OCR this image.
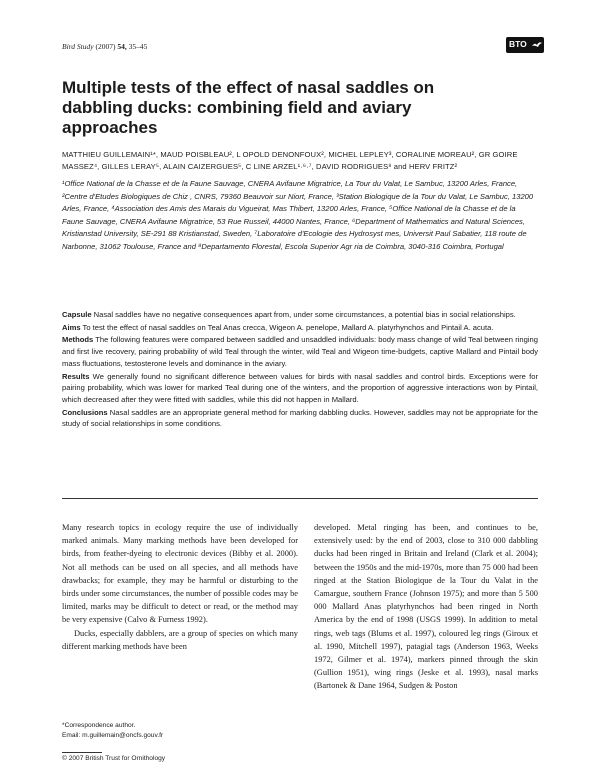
Bird Study (2007) 54, 35–45	BTO
Multiple tests of the effect of nasal saddles on dabbling ducks: combining field and aviary approaches
MATTHIEU GUILLEMAIN¹*, MAUD POISBLEAU², L OPOLD DENONFOUX², MICHEL LEPLEY³, CORALINE MOREAU², GR GOIRE MASSEZ⁴, GILLES LERAY⁵, ALAIN CAIZERGUES⁵, C LINE ARZEL¹·⁶·⁷, DAVID RODRIGUES⁸ and HERV FRITZ²
¹Office National de la Chasse et de la Faune Sauvage, CNERA Avifaune Migratrice, La Tour du Valat, Le Sambuc, 13200 Arles, France, ²Centre d'Etudes Biologiques de Chiz , CNRS, 79360 Beauvoir sur Niort, France, ³Station Biologique de la Tour du Valat, Le Sambuc, 13200 Arles, France, ⁴Association des Amis des Marais du Vigueirat, Mas Thibert, 13200 Arles, France, ⁵Office National de la Chasse et de la Faune Sauvage, CNERA Avifaune Migratrice, 53 Rue Russeil, 44000 Nantes, France, ⁶Department of Mathematics and Natural Sciences, Kristianstad University, SE-291 88 Kristianstad, Sweden, ⁷Laboratoire d'Ecologie des Hydrosyst mes, Universit Paul Sabatier, 118 route de Narbonne, 31062 Toulouse, France and ⁸Departamento Florestal, Escola Superior Agr ria de Coimbra, 3040-316 Coimbra, Portugal

Capsule Nasal saddles have no negative consequences apart from, under some circumstances, a potential bias in social relationships.

Aims To test the effect of nasal saddles on Teal Anas crecca, Wigeon A. penelope, Mallard A. platyrhynchos and Pintail A. acuta.

Methods The following features were compared between saddled and unsaddled individuals: body mass change of wild Teal between ringing and first live recovery, pairing probability of wild Teal through the winter, wild Teal and Wigeon time-budgets, captive Mallard and Pintail body mass fluctuations, testosterone levels and dominance in the aviary.

Results We generally found no significant difference between values for birds with nasal saddles and control birds. Exceptions were for pairing probability, which was lower for marked Teal during one of the winters, and the proportion of aggressive interactions won by Pintail, which decreased after they were fitted with saddles, while this did not happen in Mallard.

Conclusions Nasal saddles are an appropriate general method for marking dabbling ducks. However, saddles may not be appropriate for the study of social relationships in some conditions.

Many research topics in ecology require the use of individually marked animals. Many marking methods have been developed for birds, from feather-dyeing to electronic devices (Bibby et al. 2000). Not all methods can be used on all species, and all methods have drawbacks; for example, they may be harmful or disturbing to the birds under some circumstances, the number of possible codes may be limited, marks may be difficult to detect or read, or the method may be very expensive (Calvo & Furness 1992).

Ducks, especially dabblers, are a group of species on which many different marking methods have been

developed. Metal ringing has been, and continues to be, extensively used: by the end of 2003, close to 310 000 dabbling ducks had been ringed in Britain and Ireland (Clark et al. 2004); between the 1950s and the mid-1970s, more than 75 000 had been ringed at the Station Biologique de la Tour du Valat in the Camargue, southern France (Johnson 1975); and more than 5 500 000 Mallard Anas platyrhynchos had been ringed in North America by the end of 1998 (USGS 1999). In addition to metal rings, web tags (Blums et al. 1997), coloured leg rings (Giroux et al. 1990, Mitchell 1997), patagial tags (Anderson 1963, Weeks 1972, Gilmer et al. 1974), markers pinned through the skin (Gullion 1951), wing rings (Jeske et al. 1993), nasal marks (Bartonek & Dane 1964, Sudgen & Poston

*Correspondence author.
Email: m.guillemain@oncfs.gouv.fr
© 2007 British Trust for Ornithology
